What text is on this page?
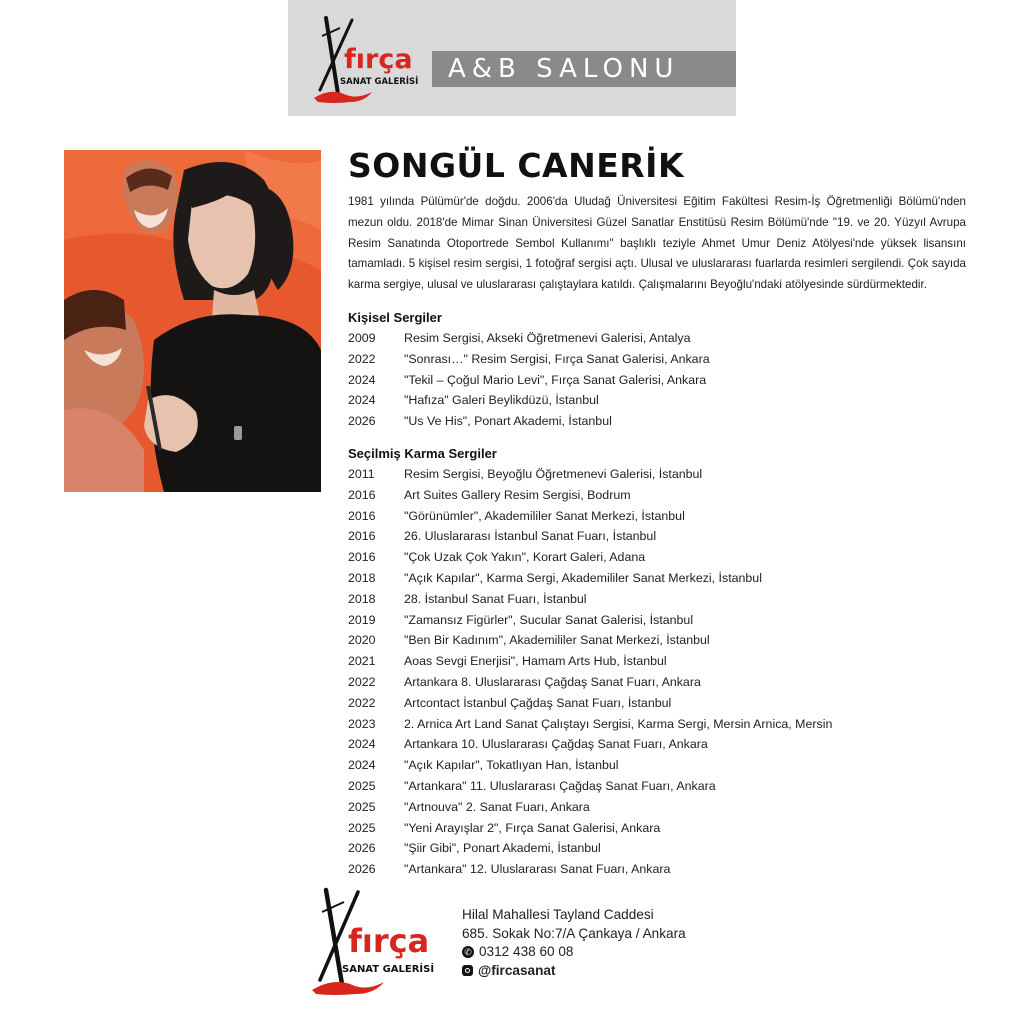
fırça
SANAT GALERİSİ A&B SALONU
SONGÜL CANERİK

1981 yılında Pülümür'de doğdu. 2006'da Uludağ Üniversitesi Eğitim Fakültesi Resim-İş Öğretmenliği Bölümü'nden mezun oldu. 2018'de Mimar Sinan Üniversitesi Güzel Sanatlar Enstitüsü Resim Bölümü'nde "19. ve 20. Yüzyıl Avrupa Resim Sanatında Otoportrede Sembol Kullanımı" başlıklı teziyle Ahmet Umur Deniz Atölyesi'nde yüksek lisansını tamamladı. 5 kişisel resim sergisi, 1 fotoğraf sergisi açtı. Ulusal ve uluslararası fuarlarda resimleri sergilendi. Çok sayıda karma sergiye, ulusal ve uluslararası çalıştaylara katıldı. Çalışmalarını Beyoğlu'ndaki atölyesinde sürdürmektedir.

Kişisel Sergiler
2009	Resim Sergisi, Akseki Öğretmenevi Galerisi, Antalya
2022	"Sonrası…" Resim Sergisi, Fırça Sanat Galerisi, Ankara
2024	"Tekil – Çoğul Mario Levi", Fırça Sanat Galerisi, Ankara
2024	"Hafıza" Galeri Beylikdüzü, İstanbul
2026	"Us Ve His", Ponart Akademi, İstanbul
Seçilmiş Karma Sergiler
2011	Resim Sergisi, Beyoğlu Öğretmenevi Galerisi, İstanbul
2016	Art Suites Gallery Resim Sergisi, Bodrum
2016	"Görünümler", Akademililer Sanat Merkezi, İstanbul
2016	26. Uluslararası İstanbul Sanat Fuarı, İstanbul
2016	"Çok Uzak Çok Yakın", Korart Galeri, Adana
2018	"Açık Kapılar", Karma Sergi, Akademililer Sanat Merkezi, İstanbul
2018	28. İstanbul Sanat Fuarı, İstanbul
2019	"Zamansız Figürler", Sucular Sanat Galerisi, İstanbul
2020	"Ben Bir Kadınım", Akademililer Sanat Merkezi, İstanbul
2021	Aoas Sevgi Enerjisi", Hamam Arts Hub, İstanbul
2022	Artankara 8. Uluslararası Çağdaş Sanat Fuarı, Ankara
2022	Artcontact İstanbul Çağdaş Sanat Fuarı, İstanbul
2023	2. Arnica Art Land Sanat Çalıştayı Sergisi, Karma Sergi, Mersin Arnica, Mersin
2024	Artankara 10. Uluslararası Çağdaş Sanat Fuarı, Ankara
2024	"Açık Kapılar", Tokatlıyan Han, İstanbul
2025	"Artankara" 11. Uluslararası Çağdaş Sanat Fuarı, Ankara
2025	"Artnouva" 2. Sanat Fuarı, Ankara
2025	"Yeni Arayışlar 2", Fırça Sanat Galerisi, Ankara
2026	"Şiir Gibi", Ponart Akademi, İstanbul
2026	"Artankara" 12. Uluslararası Sanat Fuarı, Ankara
fırça
SANAT GALERİSİ
Hilal Mahallesi Tayland Caddesi
685. Sokak No:7/A Çankaya / Ankara
✆ 0312 438 60 08
@fircasanat
